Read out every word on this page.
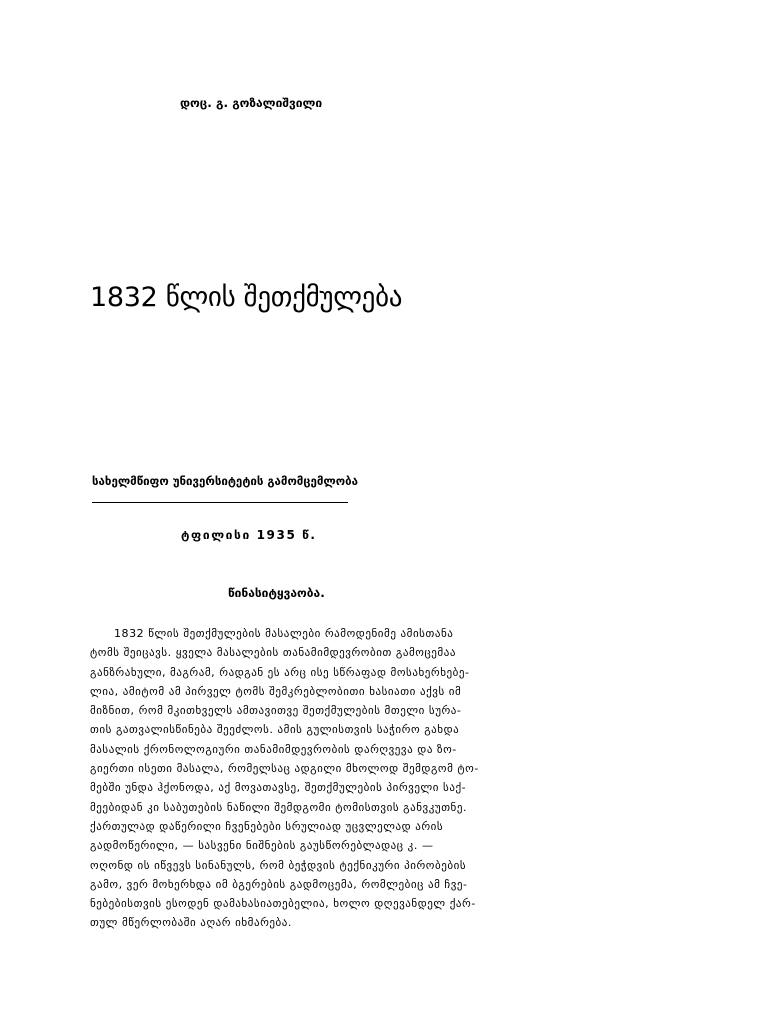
დოც. გ. გოზალიშვილი
1832 წლის შეთქმულება
სახელმწიფო უნივერსიტეტის გამომცემლობა
ტფილისი 1935 წ.
წინასიტყვაობა.
1832 წლის შეთქმულების მასალები რამოდენიმე ამისთანა
ტომს შეიცავს. ყველა მასალების თანამიმდევრობით გამოცემაა
განზრახული, მაგრამ, რადგან ეს არც ისე სწრაფად მოსახერხებე-
ლია, ამიტომ ამ პირველ ტომს შემკრებლობითი ხასიათი აქვს იმ
მიზნით, რომ მკითხველს ამთავითვე შეთქმულების მთელი სურა-
თის გათვალისწინება შეეძლოს. ამის გულისთვის საჭირო გახდა
მასალის ქრონოლოგიური თანამიმდევრობის დარღვევა და ზო-
გიერთი ისეთი მასალა, რომელსაც ადგილი მხოლოდ შემდგომ ტო-
მებში უნდა ჰქონოდა, აქ მოვათავსე, შეთქმულების პირველი საქ-
მეებიდან კი საბუთების ნაწილი შემდგომი ტომისთვის განვკუთნე.
ქართულად დაწერილი ჩვენებები სრულიად უცვლელად არის
გადმოწერილი, — სასვენი ნიშნების გაუსწორებლადაც კ. —
ოღონდ ის იწვევს სინანულს, რომ ბეჭდვის ტექნიკური პირობების
გამო, ვერ მოხერხდა იმ ბგერების გადმოცემა, რომლებიც ამ ჩვე-
ნებებისთვის ესოდენ დამახასიათებელია, ხოლო დღევანდელ ქარ-
თულ მწერლობაში აღარ იხმარება.
